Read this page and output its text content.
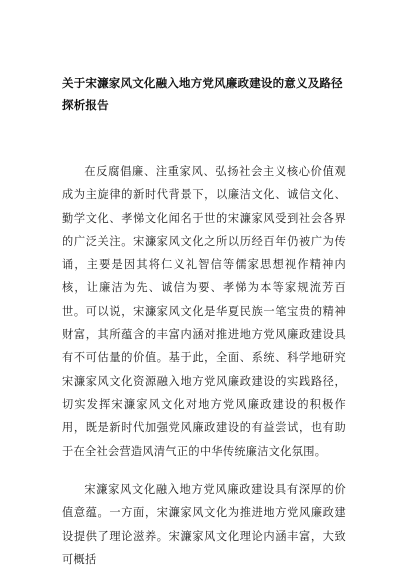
关于宋濂家风文化融入地方党风廉政建设的意义及路径探析报告

在反腐倡廉、注重家风、弘扬社会主义核心价值观成为主旋律的新时代背景下，以廉洁文化、诚信文化、勤学文化、孝悌文化闻名于世的宋濂家风受到社会各界的广泛关注。宋濂家风文化之所以历经百年仍被广为传诵，主要是因其将仁义礼智信等儒家思想视作精神内核，让廉洁为先、诚信为要、孝悌为本等家规流芳百世。可以说，宋濂家风文化是华夏民族一笔宝贵的精神财富，其所蕴含的丰富内涵对推进地方党风廉政建设具有不可估量的价值。基于此，全面、系统、科学地研究宋濂家风文化资源融入地方党风廉政建设的实践路径，切实发挥宋濂家风文化对地方党风廉政建设的积极作用，既是新时代加强党风廉政建设的有益尝试，也有助于在全社会营造风清气正的中华传统廉洁文化氛围。

宋濂家风文化融入地方党风廉政建设具有深厚的价值意蕴。一方面，宋濂家风文化为推进地方党风廉政建设提供了理论滋养。宋濂家风文化理论内涵丰富，大致可概括
